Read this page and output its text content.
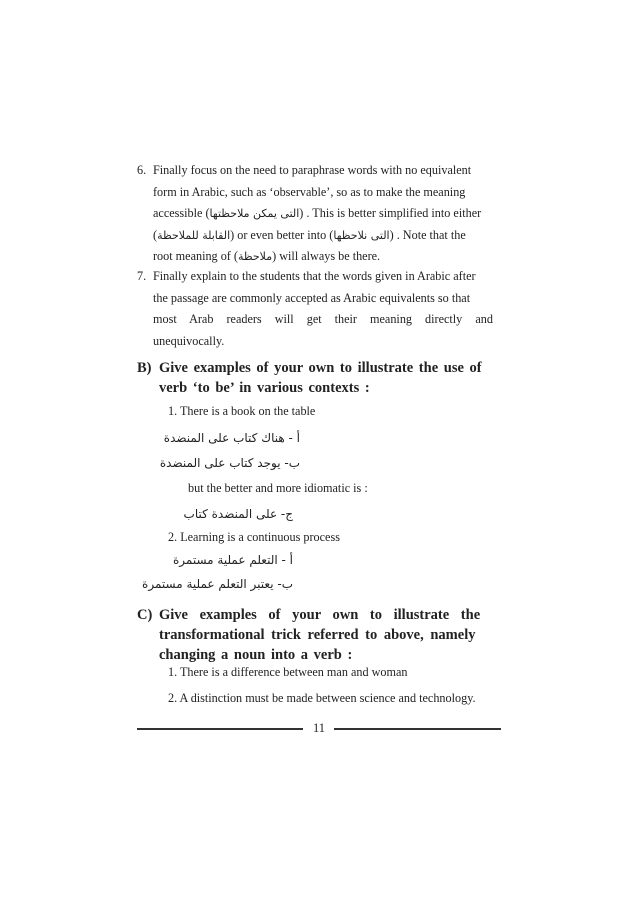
6. Finally focus on the need to paraphrase words with no equivalent
form in Arabic, such as ‘observable’, so as to make the meaning
accessible (التى يمكن ملاحظتها) . This is better simplified into either
(القابلة للملاحظة) or even better into (التى نلاحظها) . Note that the
root meaning of (ملاحظة) will always be there.
7. Finally explain to the students that the words given in Arabic after
the passage are commonly accepted as Arabic equivalents so that
most Arab readers will get their meaning directly and
unequivocally.
B) Give examples of your own to illustrate the use of
verb ‘to be’ in various contexts :
1. There is a book on the table
أ - هناك كتاب على المنضدة
ب- يوجد كتاب على المنضدة
but the better and more idiomatic is :
ج- على المنضدة كتاب
2. Learning is a continuous process
أ - التعلم عملية مستمرة
ب- يعتبر التعلم عملية مستمرة
C) Give examples of your own to illustrate the
transformational trick referred to above, namely
changing a noun into a verb :
1. There is a difference between man and woman
2. A distinction must be made between science and technology.
11
